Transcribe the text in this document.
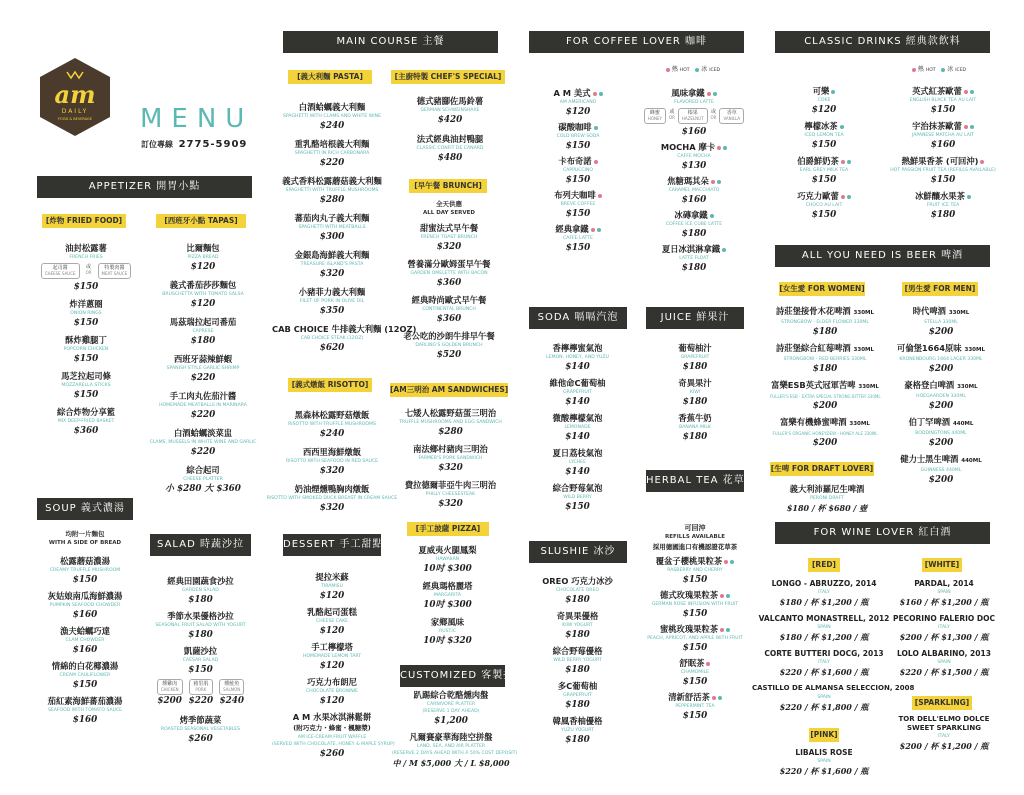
am
DAILY
FOOD & BEVERAGE	MENU
訂位專線 2775-5909
APPETIZER 開胃小點
[炸物 FRIED FOOD]	[西班牙小點 TAPAS]
油封松露薯
FRENCH FRIES
起司醬
CHEESE SAUCE
或
OR
特製肉醬
MEAT SAUCE
$150
炸洋蔥圈
ONION RINGS
$150
酥炸雞腿丁
POPCORN CHICKEN
$150
馬芝拉起司條
MOZZARELLA STICKS
$150
綜合炸物分享籃
MIX DEEP-FRIED BASKET
$360
比爾麵包
PIZZA BREAD
$120
義式番茄莎莎麵包
BRUSCHETTA WITH TOMATO SALSA
$120
馬茲瑞拉起司番茄
CAPRESE
$180
西班牙蒜辣鮮蝦
SPANISH STYLE GARLIC SHRIMP
$220
手工肉丸佐茄汁醬
HOMEMADE MEATBALLS IN MARINARA
$220
白酒蛤蠣淡菜盅
CLAMS, MUSSELS IN WHITE WINE AND GARLIC
$220
綜合起司
CHEESE PLATTER
小 $280 大 $360
SOUP 義式濃湯
均附一片麵包
WITH A SIDE OF BREAD
松露蘑菇濃湯
CREAMY TRUFFLE MUSHROOM
$150
灰姑娘南瓜海鮮濃湯
PUMPKIN SEAFOOD CHOWDER
$160
漁夫蛤蠣巧達
CLAM CHOWDER
$160
情綿的白花椰濃湯
CREAM CAULIFLOWER
$150
茄紅素海鮮蕃茄濃湯
SEAFOOD WITH TOMATO SAUCE
$160
SALAD 時蔬沙拉
經典田園蔬食沙拉
GARDEN SALAD
$180
季節水果優格沙拉
SEASONAL FRUIT SALAD WITH YOGURT
$180
凱薩沙拉
CAESAR SALAD
$150
燻雞肉
CHICKEN
$200
豬里肌
PORK
$220
燻鮭魚
SALMON
$240
烤季節蔬菜
ROASTED SEASONAL VEGETABLES
$260
MAIN COURSE 主餐
[義大利麵 PASTA]	[主廚特製 CHEF'S SPECIAL]
白酒蛤蠣義大利麵
SPAGHETTI WITH CLAMS AND WHITE WINE
$240
重乳酪培根義大利麵
SPAGHETTI IN RICH CARBONARA
$220
義式香料松露蘑菇義大利麵
SPAGHETTI WITH TRUFFLE MUSHROOMS
$280
蕃茄肉丸子義大利麵
SPAGHETTI WITH MEATBALLS
$300
金銀島海鮮義大利麵
TREASURE ISLAND'S PASTA
$320
小豬菲力義大利麵
FILET OF PORK IN OLIVE OIL
$350
CAB CHOICE 牛排義大利麵 (12OZ)
CAB CHOICE STEAK (12OZ)
$620
德式豬腳佐馬鈴薯
GERMAN SCHWEINSHAXE
$420
法式經典油封鴨腿
CLASSIC CONFIT DE CANARD
$480
[早午餐 BRUNCH]
全天供應
ALL DAY SERVED
甜蜜法式早午餐
FRENCH TOAST BRUNCH
$320
營養滿分歐姆蛋早午餐
GARDEN OMELETTE WITH BACON
$360
經典時尚歐式早午餐
CONTINENTAL BRUNCH
$360
老公吃的沙朗牛排早午餐
DARLING'S GOLDEN BRUNCH
$520
[義式燉飯 RISOTTO]
黑森林松露野菇燉飯
RISOTTO WITH TRUFFLE MUSHROOMS
$240
西西里海鮮燉飯
RISOTTO WITH SEAFOOD IN RED SAUCE
$320
奶油煙燻鴨胸肉燉飯
RISOTTO WITH SMOKED DUCK BREAST IN CREAM SAUCE
$320
[AM三明治 AM SANDWICHES]
七矮人松露野菇蛋三明治
TRUFFLE MUSHROOMS AND EGG SANDWICH
$280
南法鄉村豬肉三明治
FARMER'S PORK SANDWICH
$320
費拉德爾菲亞牛肉三明治
PHILLY CHEESESTEAK
$320
[手工披薩 PIZZA]
夏威夷火腿鳳梨
HAWAIIAN
10吋 $300
經典瑪格麗塔
MARGARITA
10吋 $300
家鄉風味
RUSTIC
10吋 $320
DESSERT 手工甜點
提拉米蘇
TIRAMISU
$120
乳酪起司蛋糕
CHEESE CAKE
$120
手工檸檬塔
HOMEMADE LEMON TART
$120
巧克力布朗尼
CHOCOLATE BROWNIE
$120
A M 水果冰淇淋鬆餅
(附巧克力・蜂蜜・楓糖漿)
AM ICE-CREAM FRUIT WAFFLE
(SERVED WITH CHOCOLATE, HONEY & MAPLE SYRUP)
$260
CUSTOMIZED 客製拼盤
趴踢綜合乾酪燻肉盤
CARNIVORE PLATTER
(RESERVE 1 DAY AHEAD)
$1,200
凡爾賽豪華海陸空拼盤
LAND, SEA, AND AIR PLATTER
(RESERVE 2 DAYS AHEAD WITH A 50% COST DEPOSIT)
中 / M $5,000 大 / L $8,000
FOR COFFEE LOVER 咖啡
熱 HOT 冰 ICED
A M 美式
AM AMERICANO
$120
碳酸咖啡
COLD BREW SODA
$150
卡布奇諾
CAPPUCCINO
$150
布列夫咖啡
BREVE COFFEE
$150
經典拿鐵
CAFFE LATTE
$150
風味拿鐵
FLAVORED LATTE
蜂蜜
HONEY
或
OR
榛果
HAZELNUT
或
OR
香草
VANILLA
$160
MOCHA 摩卡
CAFFE MOCHA
$130
焦糖瑪其朵
CARAMEL MACCHIATO
$160
冰磚拿鐵
COFFEE ICE CUBE LATTE
$180
夏日冰淇淋拿鐵
LATTE FLOAT
$180
SODA 嗝嗝汽泡
香檸檸蜜氣泡
LEMON, HONEY, AND YUZU
$140
維他命C葡萄柚
GRAPEFRUIT
$140
微酸檸檬氣泡
LEMONADE
$140
夏日荔枝氣泡
LYCHEE
$140
綜合野莓氣泡
WILD BERRY
$150
JUICE 鮮果汁
葡萄柚汁
GRAPEFRUIT
$180
奇異果汁
KIWI
$180
香蕉牛奶
BANANA MILK
$180
HERBAL TEA 花草茶
可回沖
REFILLS AVAILABLE
採用德國進口有機認證花草茶
覆盆子櫻桃果粒茶
RASBERRY AND CHERRY
$150
德式玫瑰果粒茶
GERMAN ROSE INFUSION WITH FRUIT
$150
蜜桃玫瑰果粒茶
PEACH, APRICOT, AND APPLE WITH FRUIT
$150
舒眠茶
CHAMOMILE
$150
清新舒活茶
PEPPERMINT TEA
$150
SLUSHIE 冰沙
OREO 巧克力冰沙
CHOCOLATE OREO
$180
奇異果優格
KIWI YOGURT
$180
綜合野莓優格
WILD BERRY YOGURT
$180
多C葡萄柚
GRAPEFRUIT
$180
韓風香柚優格
YUZU YOGURT
$180
CLASSIC DRINKS 經典款飲料
熱 HOT 冰 ICED
可樂
COKE
$120
檸檬冰茶
ICED LEMON TEA
$150
伯爵鮮奶茶
EARL GREY MILK TEA
$150
巧克力歐蕾
CHOCO AU LAIT
$150
英式紅茶歐蕾
ENGLISH BLACK TEA AU LAIT
$150
宇治抹茶歐蕾
JAPANESE MATCHA AU LAIT
$160
熱鮮果香茶 (可回沖)
HOT PASSION FRUIT TEA (REFILLS AVAILABLE)
$150
冰鮮釀水果茶
FRUIT ICE TEA
$180
ALL YOU NEED IS BEER 啤酒
[女生愛 FOR WOMEN]	[男生愛 FOR MEN]
詩莊堡接骨木花啤酒 330ML
STRONGBOW - ELDER FLOWER 330ML
$180
詩莊堡綜合紅莓啤酒 330ML
STRONGBOW - RED BERRIES 330ML
$180
富樂ESB英式冠軍苦啤 330ML
FULLER'S ESB - EXTRA SPECIAL STRONG BITTER 330ML
$200
富樂有機蜂蜜啤酒 330ML
FULLER'S ORGANIC HONEYDEW - HONEY ALE 330ML
$200
時代啤酒 330ML
STELLA 330ML
$200
可倫堡1664原味 330ML
KRONENBOURG 1664 LAGER 330ML
$200
豪格登白啤酒 330ML
HOEGAARDEN 330ML
$200
伯丁罕啤酒 440ML
BODDINGTONS 440ML
$200
健力士黑生啤酒 440ML
GUINNESS 440ML
$200
[生啤 FOR DRAFT LOVER]
義大利沛羅尼生啤酒
PERONI DRAFT
$180 / 杯 $680 / 壺
FOR WINE LOVER 紅白酒
[RED]	[WHITE]
LONGO - ABRUZZO, 2014
ITALY
$180 / 杯 $1,200 / 瓶
VALCANTO MONASTRELL, 2012
SPAIN
$180 / 杯 $1,200 / 瓶
CORTE BUTTERI DOCG, 2013
ITALY
$220 / 杯 $1,600 / 瓶
CASTILLO DE ALMANSA SELECCION, 2008
SPAIN
$220 / 杯 $1,800 / 瓶
[PINK]
LIBALIS ROSE
SPAIN
$220 / 杯 $1,600 / 瓶
PARDAL, 2014
SPAIN
$160 / 杯 $1,200 / 瓶
PECORINO FALERIO DOC
ITALY
$200 / 杯 $1,300 / 瓶
LOLO ALBARINO, 2013
SPAIN
$220 / 杯 $1,500 / 瓶
[SPARKLING]
TOR DELL'ELMO DOLCE SWEET SPARKLING
ITALY
$200 / 杯 $1,200 / 瓶
